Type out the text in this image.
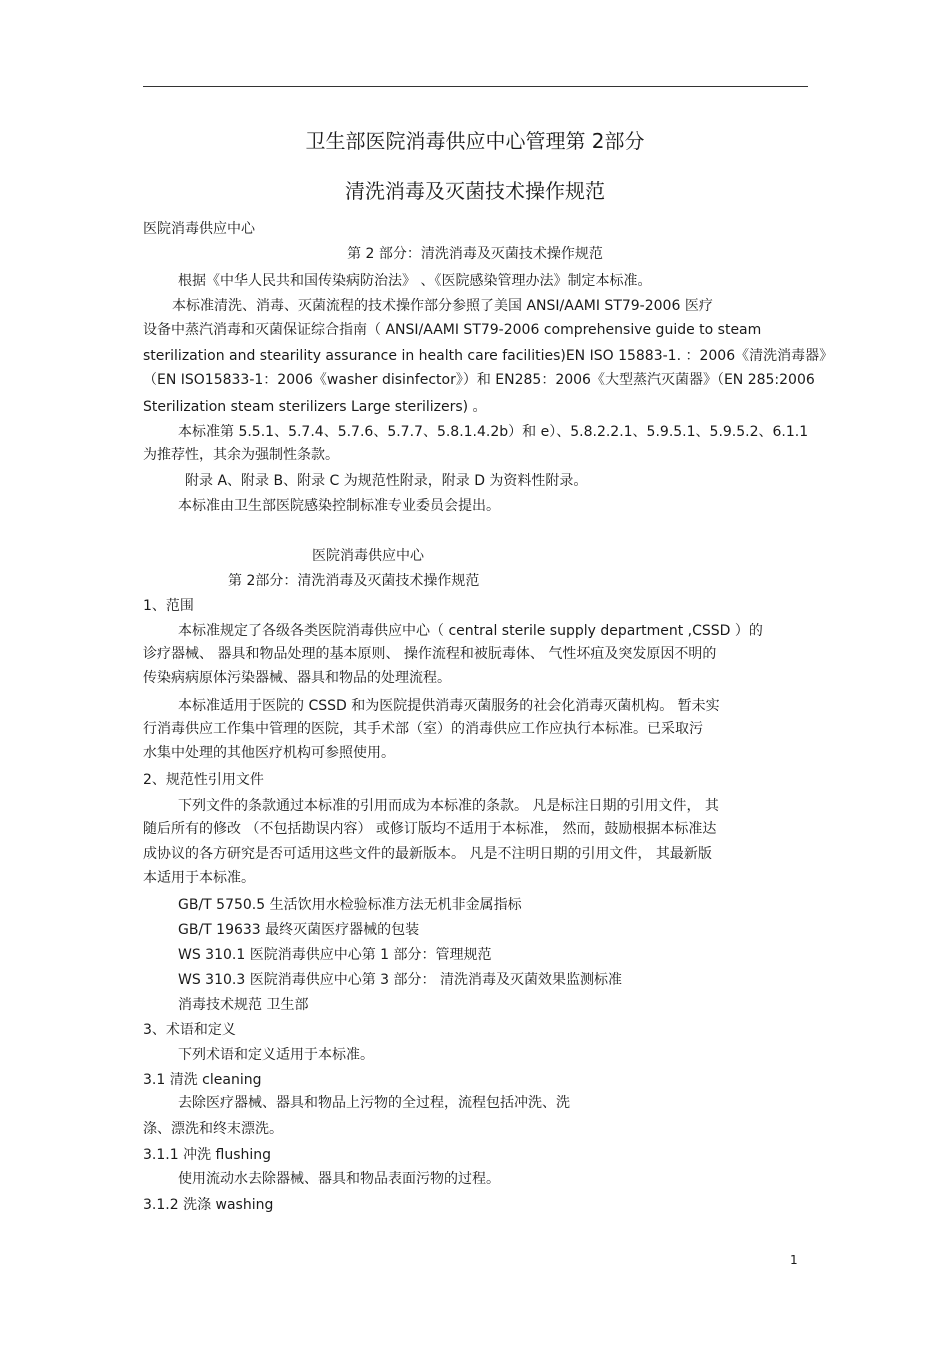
卫生部医院消毒供应中心管理第 2部分
清洗消毒及灭菌技术操作规范
医院消毒供应中心
第 2 部分：清洗消毒及灭菌技术操作规范
根据《中华人民共和国传染病防治法》 、《医院感染管理办法》制定本标准。
本标准清洗、消毒、灭菌流程的技术操作部分参照了美国 ANSI/AAMI ST79-2006 医疗
设备中蒸汽消毒和灭菌保证综合指南（ ANSI/AAMI ST79-2006 comprehensive guide to steam
sterilization and stearility assurance in health care facilities)EN ISO 15883-1. ：2006《清洗消毒器》
（EN ISO15833-1：2006《washer disinfector》）和 EN285：2006《大型蒸汽灭菌器》（EN 285:2006
Sterilization steam sterilizers Large sterilizers) 。
本标准第 5.5.1、5.7.4、5.7.6、5.7.7、5.8.1.4.2b）和 e）、5.8.2.2.1、5.9.5.1、5.9.5.2、6.1.1
为推荐性，其余为强制性条款。
附录 A、附录 B、附录 C 为规范性附录，附录 D 为资料性附录。
本标准由卫生部医院感染控制标准专业委员会提出。
医院消毒供应中心
第 2部分：清洗消毒及灭菌技术操作规范
1、范围
本标准规定了各级各类医院消毒供应中心（ central sterile supply department ,CSSD ）的
诊疗器械、 器具和物品处理的基本原则、 操作流程和被朊毒体、 气性坏疽及突发原因不明的
传染病病原体污染器械、器具和物品的处理流程。
本标准适用于医院的 CSSD 和为医院提供消毒灭菌服务的社会化消毒灭菌机构。 暂未实
行消毒供应工作集中管理的医院，其手术部（室）的消毒供应工作应执行本标准。已采取污
水集中处理的其他医疗机构可参照使用。
2、规范性引用文件
下列文件的条款通过本标准的引用而成为本标准的条款。 凡是标注日期的引用文件， 其
随后所有的修改 （不包括勘误内容） 或修订版均不适用于本标准， 然而，鼓励根据本标准达
成协议的各方研究是否可适用这些文件的最新版本。 凡是不注明日期的引用文件， 其最新版
本适用于本标准。
GB/T 5750.5 生活饮用水检验标准方法无机非金属指标
GB/T 19633 最终灭菌医疗器械的包装
WS 310.1 医院消毒供应中心第 1 部分：管理规范
WS 310.3 医院消毒供应中心第 3 部分： 清洗消毒及灭菌效果监测标准
消毒技术规范 卫生部
3、术语和定义
下列术语和定义适用于本标准。
3.1 清洗 cleaning
去除医疗器械、器具和物品上污物的全过程，流程包括冲洗、洗
涤、漂洗和终末漂洗。
3.1.1 冲洗 flushing
使用流动水去除器械、器具和物品表面污物的过程。
3.1.2 洗涤 washing
1
